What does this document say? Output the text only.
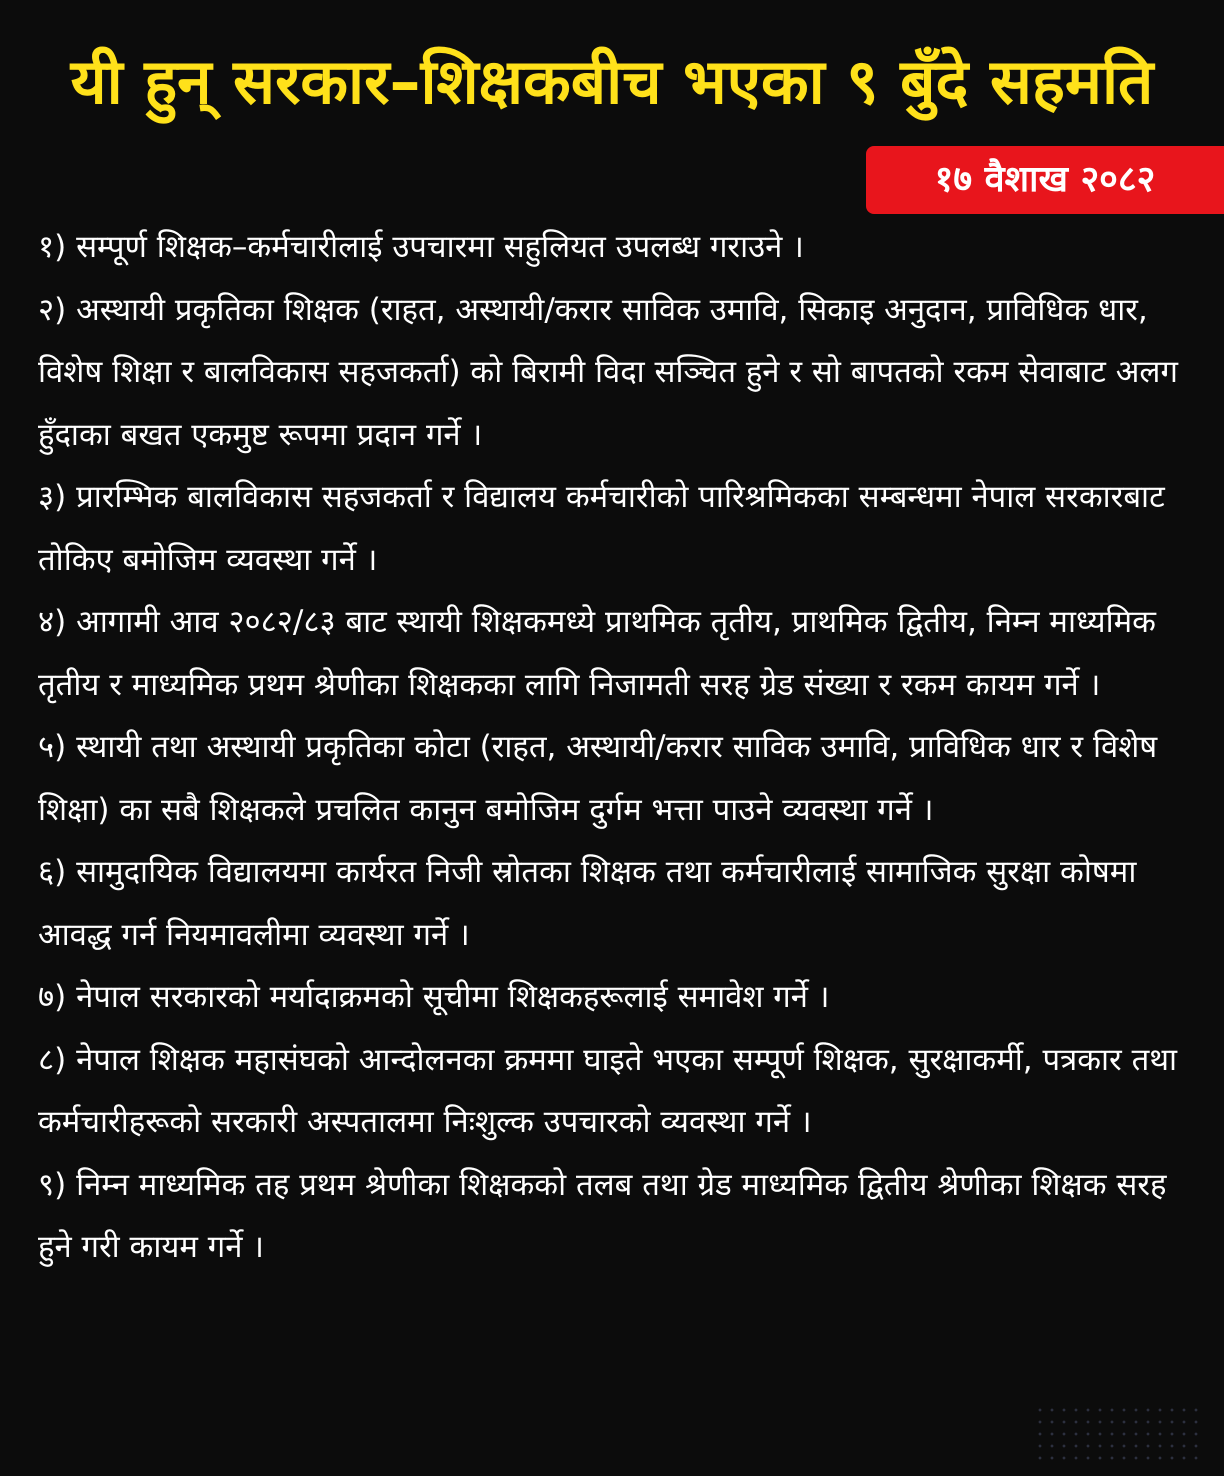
यी हुन् सरकार–शिक्षकबीच भएका ९ बुँदे सहमति
१७ वैशाख २०८२

१) सम्पूर्ण शिक्षक–कर्मचारीलाई उपचारमा सहुलियत उपलब्ध गराउने ।

२) अस्थायी प्रकृतिका शिक्षक (राहत, अस्थायी/करार साविक उमावि, सिकाइ अनुदान, प्राविधिक धार, विशेष शिक्षा र बालविकास सहजकर्ता) को बिरामी विदा सञ्चित हुने र सो बापतको रकम सेवाबाट अलग हुँदाका बखत एकमुष्ट रूपमा प्रदान गर्ने ।

३) प्रारम्भिक बालविकास सहजकर्ता र विद्यालय कर्मचारीको पारिश्रमिकका सम्बन्धमा नेपाल सरकारबाट तोकिए बमोजिम व्यवस्था गर्ने ।

४) आगामी आव २०८२/८३ बाट स्थायी शिक्षकमध्ये प्राथमिक तृतीय, प्राथमिक द्वितीय, निम्न माध्यमिक तृतीय र माध्यमिक प्रथम श्रेणीका शिक्षकका लागि निजामती सरह ग्रेड संख्या र रकम कायम गर्ने ।

५) स्थायी तथा अस्थायी प्रकृतिका कोटा (राहत, अस्थायी/करार साविक उमावि, प्राविधिक धार र विशेष शिक्षा) का सबै शिक्षकले प्रचलित कानुन बमोजिम दुर्गम भत्ता पाउने व्यवस्था गर्ने ।

६) सामुदायिक विद्यालयमा कार्यरत निजी स्रोतका शिक्षक तथा कर्मचारीलाई सामाजिक सुरक्षा कोषमा आवद्ध गर्न नियमावलीमा व्यवस्था गर्ने ।

७) नेपाल सरकारको मर्यादाक्रमको सूचीमा शिक्षकहरूलाई समावेश गर्ने ।

८) नेपाल शिक्षक महासंघको आन्दोलनका क्रममा घाइते भएका सम्पूर्ण शिक्षक, सुरक्षाकर्मी, पत्रकार तथा कर्मचारीहरूको सरकारी अस्पतालमा निःशुल्क उपचारको व्यवस्था गर्ने ।

९) निम्न माध्यमिक तह प्रथम श्रेणीका शिक्षकको तलब तथा ग्रेड माध्यमिक द्वितीय श्रेणीका शिक्षक सरह हुने गरी कायम गर्ने ।
